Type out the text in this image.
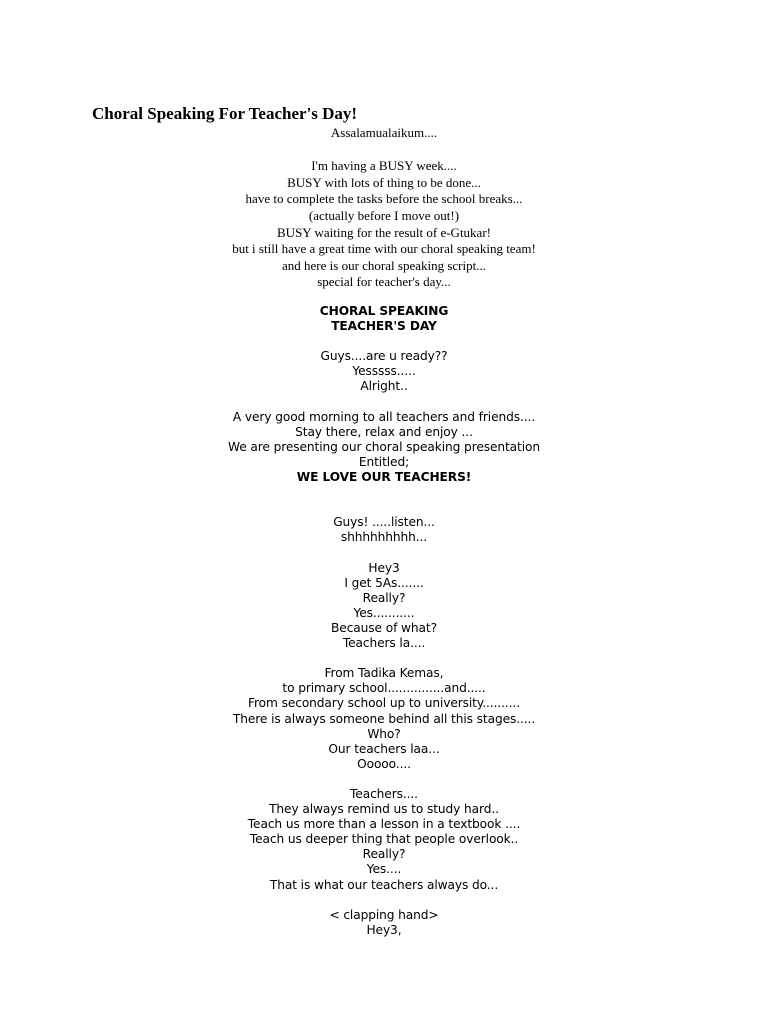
Choral Speaking For Teacher's Day!
Assalamualaikum....
I'm having a BUSY week....
BUSY with lots of thing to be done...
have to complete the tasks before the school breaks...
(actually before I move out!)
BUSY waiting for the result of e-Gtukar!
but i still have a great time with our choral speaking team!
and here is our choral speaking script...
special for teacher's day...
CHORAL SPEAKING
TEACHER'S DAY
Guys....are u ready??
Yesssss.....
Alright..
A very good morning to all teachers and friends....
Stay there, relax and enjoy ...
We are presenting our choral speaking presentation
Entitled;
WE LOVE OUR TEACHERS!
Guys! .....listen...
shhhhhhhhh...
Hey3
I get 5As.......
Really?
Yes...........
Because of what?
Teachers la....
From Tadika Kemas,
to primary school...............and.....
From secondary school up to university..........
There is always someone behind all this stages.....
Who?
Our teachers laa...
Ooooo....
Teachers....
They always remind us to study hard..
Teach us more than a lesson in a textbook ....
Teach us deeper thing that people overlook..
Really?
Yes....
That is what our teachers always do...
< clapping hand>
Hey3,
